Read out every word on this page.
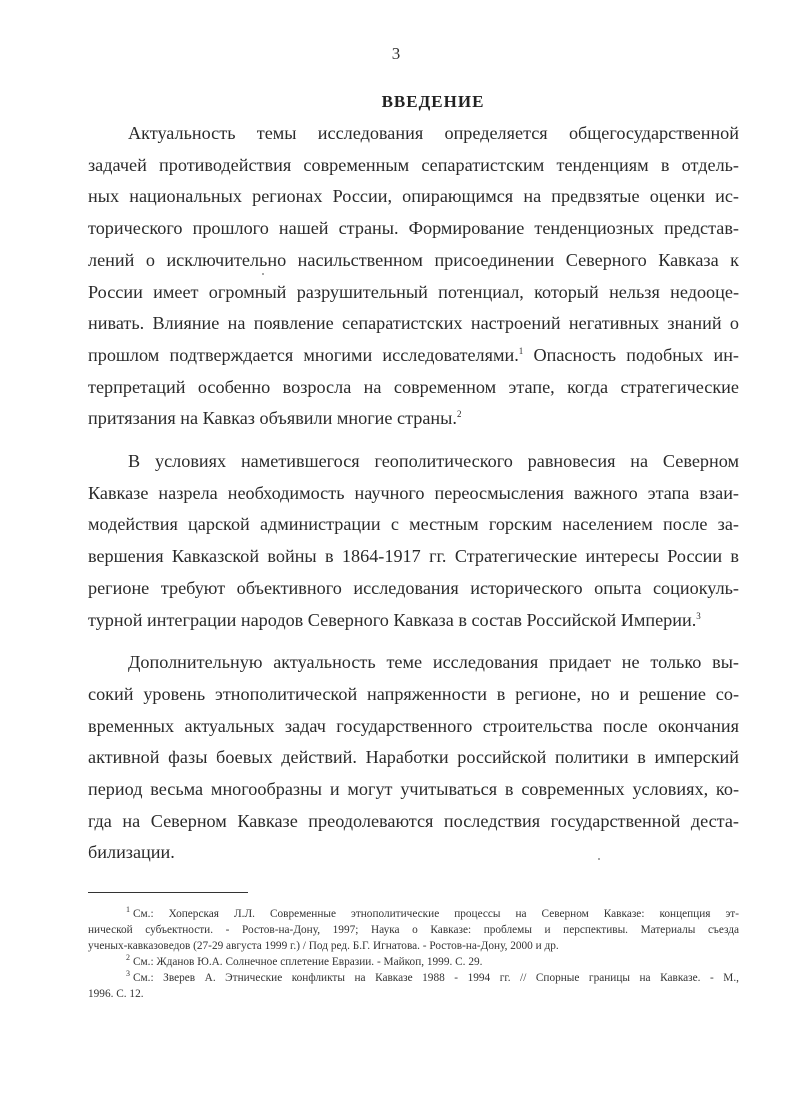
3
ВВЕДЕНИЕ
Актуальность темы исследования определяется общегосударственной
задачей противодействия современным сепаратистским тенденциям в отдель-
ных национальных регионах России, опирающимся на предвзятые оценки ис-
торического прошлого нашей страны. Формирование тенденциозных представ-
лений о исключительно насильственном присоединении Северного Кавказа к
России имеет огромный разрушительный потенциал, который нельзя недооце-
нивать. Влияние на появление сепаратистских настроений негативных знаний о
прошлом подтверждается многими исследователями.$^1$ Опасность подобных ин-
терпретаций особенно возросла на современном этапе, когда стратегические
притязания на Кавказ объявили многие страны.$^2$
В условиях наметившегося геополитического равновесия на Северном
Кавказе назрела необходимость научного переосмысления важного этапа взаи-
модействия царской администрации с местным горским населением после за-
вершения Кавказской войны в 1864-1917 гг. Стратегические интересы России в
регионе требуют объективного исследования исторического опыта социокуль-
турной интеграции народов Северного Кавказа в состав Российской Империи.$^3$
Дополнительную актуальность теме исследования придает не только вы-
сокий уровень этнополитической напряженности в регионе, но и решение со-
временных актуальных задач государственного строительства после окончания
активной фазы боевых действий. Наработки российской политики в имперский
период весьма многообразны и могут учитываться в современных условиях, ко-
гда на Северном Кавказе преодолеваются последствия государственной деста-
билизации.
$^1$ См.: Хоперская Л.Л. Современные этнополитические процессы на Северном Кавказе: концепция эт-
нической субъектности. - Ростов-на-Дону, 1997; Наука о Кавказе: проблемы и перспективы. Материалы съезда
ученых-кавказоведов (27-29 августа 1999 г.) / Под ред. Б.Г. Игнатова. - Ростов-на-Дону, 2000 и др.
$^2$ См.: Жданов Ю.А. Солнечное сплетение Евразии. - Майкоп, 1999. С. 29.
$^3$ См.: Зверев А. Этнические конфликты на Кавказе 1988 - 1994 гг. // Спорные границы на Кавказе. - М.,
1996. С. 12.
